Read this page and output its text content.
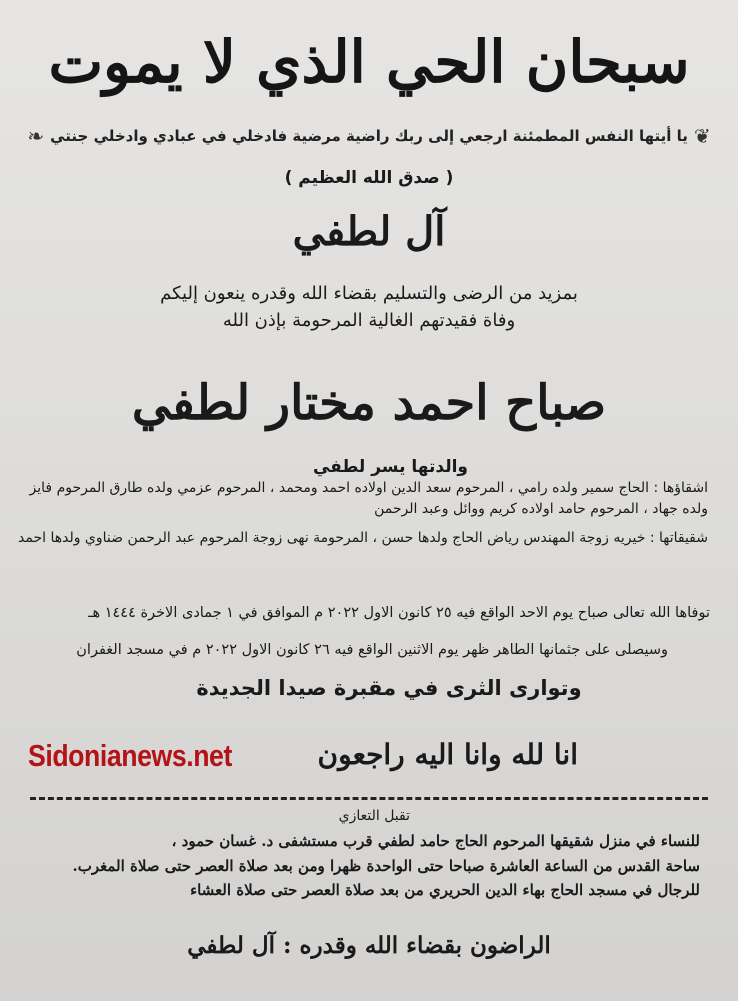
سبحان الحي الذي لا يموت
❦يا أيتها النفس المطمئنة ارجعي إلى ربك راضية مرضية فادخلي في عبادي وادخلي جنتي❧
( صدق الله العظيم )
آل لطفي
بمزيد من الرضى والتسليم بقضاء الله وقدره ينعون إليكم
وفاة فقيدتهم الغالية المرحومة بإذن الله
صباح احمد مختار لطفي
والدتها يسر لطفي
اشقاؤها : الحاج سمير ولده رامي ، المرحوم سعد الدين اولاده احمد ومحمد ، المرحوم عزمي ولده طارق المرحوم فايز ولده جهاد ، المرحوم حامد اولاده كريم ووائل وعبد الرحمن
شقيقاتها : خيريه زوجة المهندس رياض الحاج ولدها حسن ، المرحومة نهى زوجة المرحوم عبد الرحمن ضناوي ولدها احمد
توفاها الله تعالى صباح يوم الاحد الواقع فيه ٢٥ كانون الاول ٢٠٢٢ م الموافق في ١ جمادى الاخرة ١٤٤٤ هـ
وسيصلى على جثمانها الطاهر ظهر يوم الاثنين الواقع فيه ٢٦ كانون الاول ٢٠٢٢ م في مسجد الغفران
وتوارى الثرى في مقبرة صيدا الجديدة
انا لله وانا اليه راجعون
Sidonianews.net
تقبل التعازي
للنساء في منزل شقيقها المرحوم الحاج حامد لطفي قرب مستشفى د. غسان حمود ،
ساحة القدس من الساعة العاشرة صباحا حتى الواحدة ظهرا ومن بعد صلاة العصر حتى صلاة المغرب.
للرجال في مسجد الحاج بهاء الدين الحريري من بعد صلاة العصر حتى صلاة العشاء
الراضون بقضاء الله وقدره : آل لطفي
